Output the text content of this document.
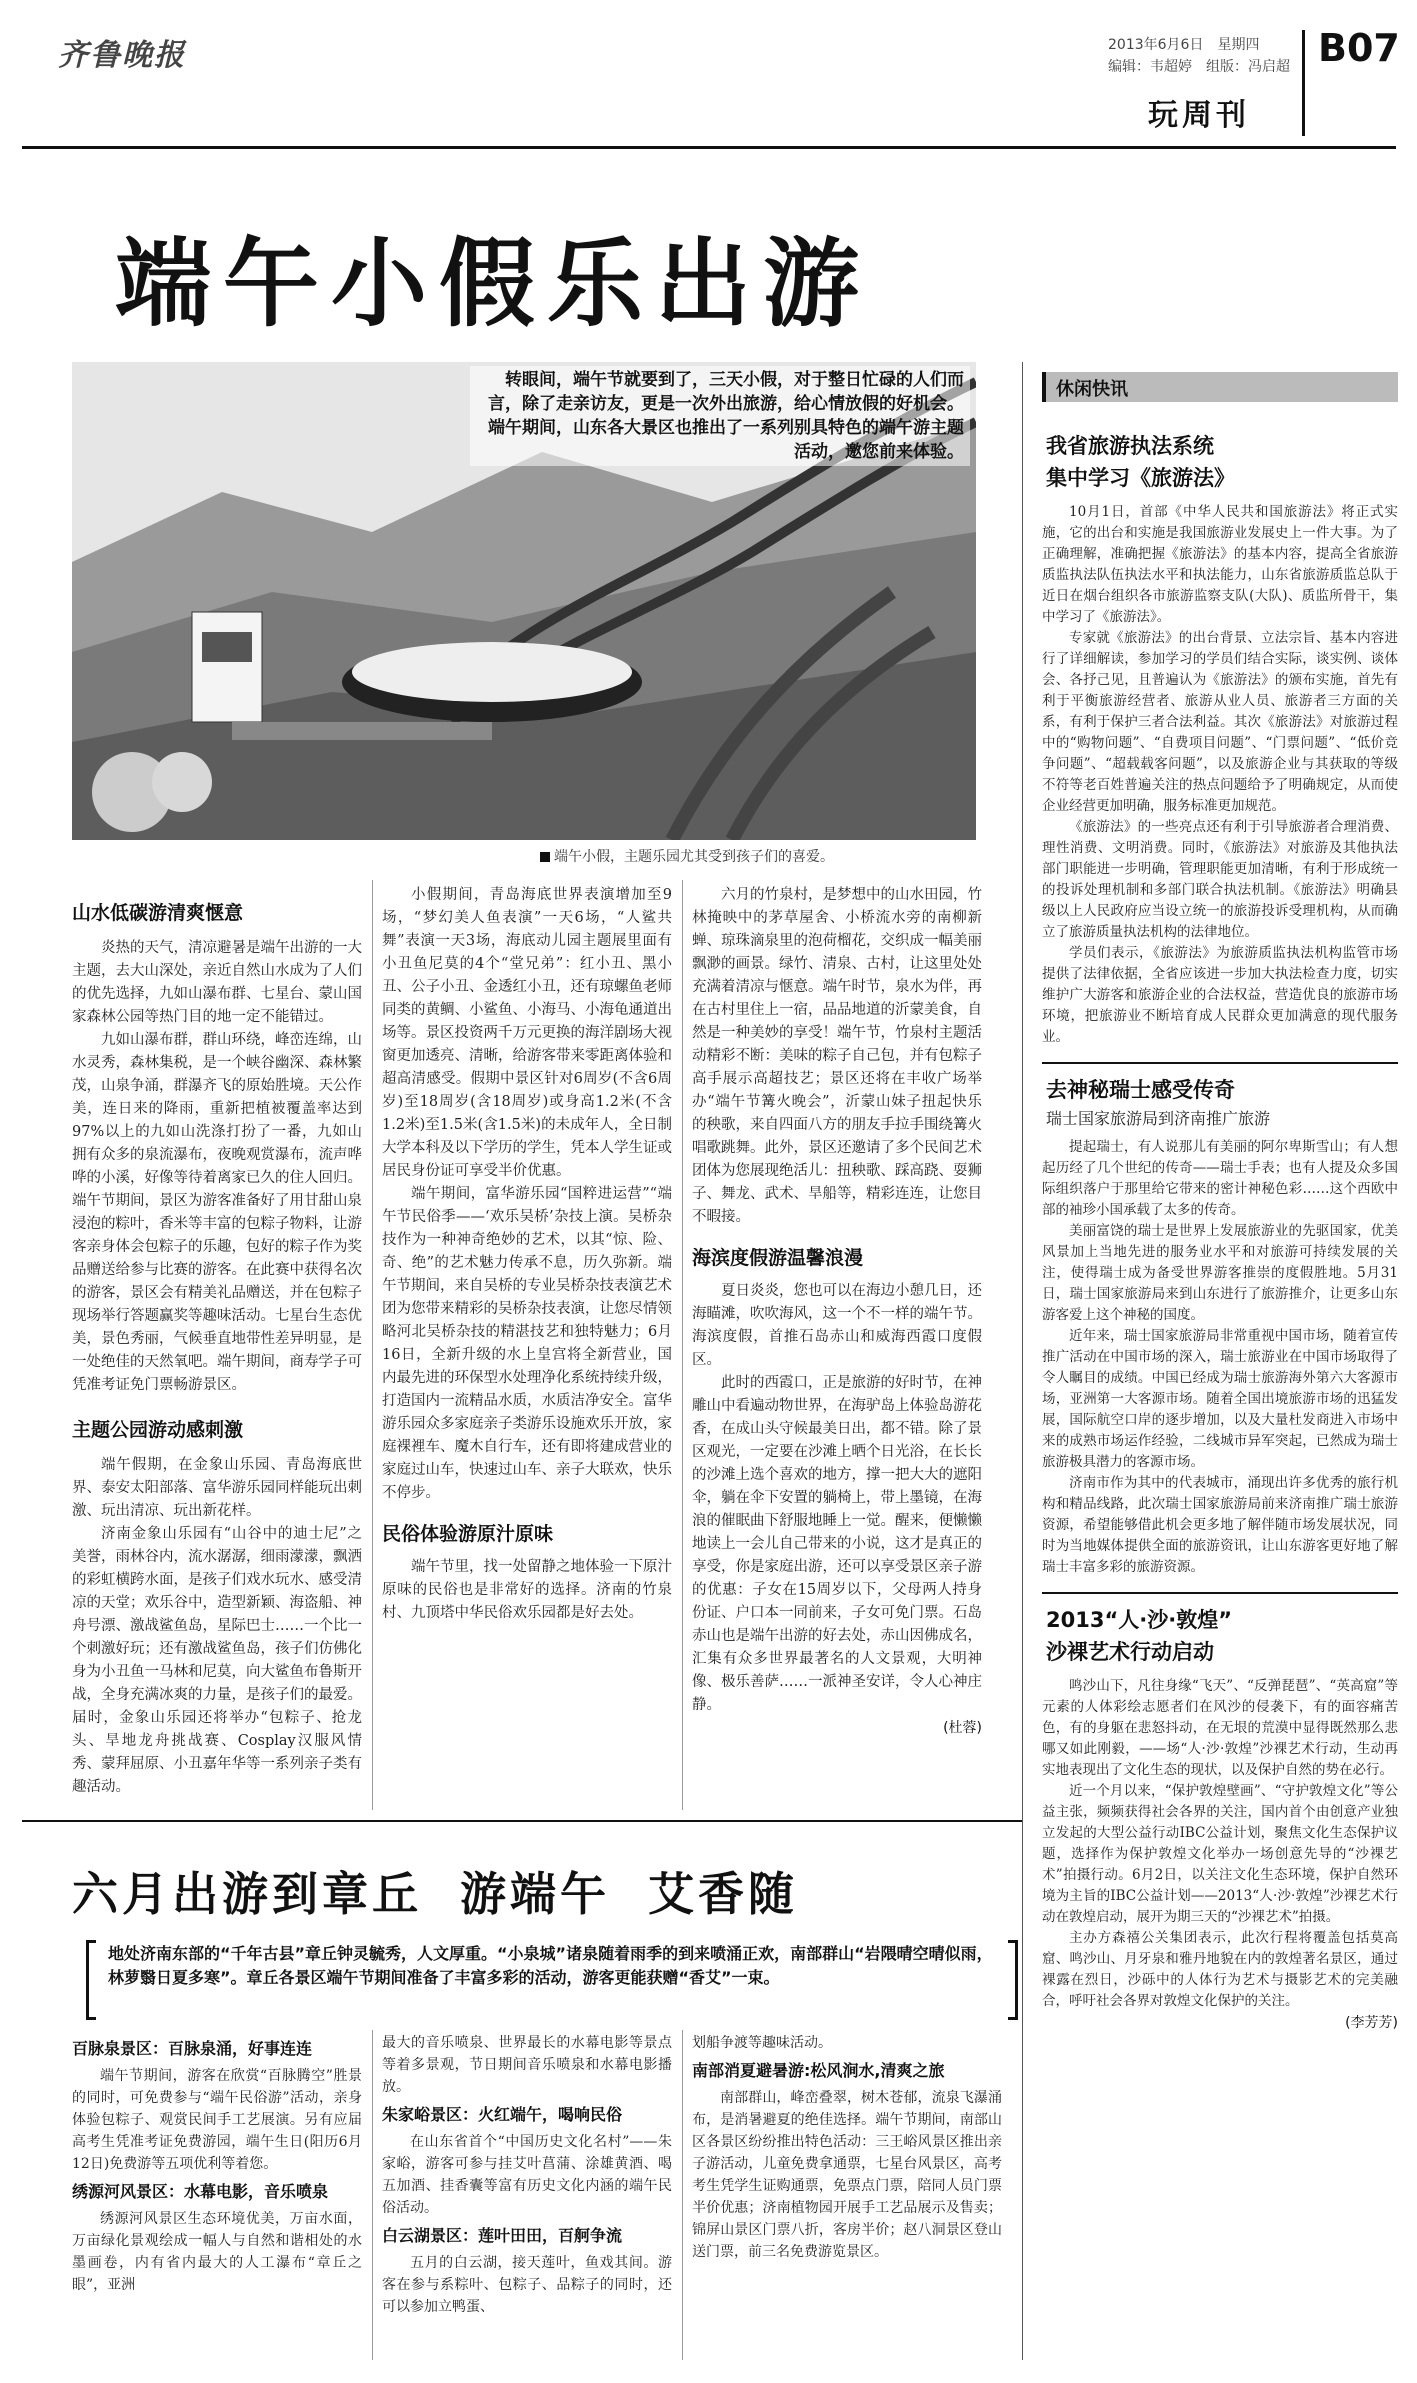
齐鲁晚报	2013年6月6日　星期四
编辑：韦超婷　组版：冯启超 B07
玩周刊
端午小假乐出游
转眼间，端午节就要到了，三天小假，对于整日忙碌的人们而言，除了走亲访友，更是一次外出旅游，给心情放假的好机会。端午期间，山东各大景区也推出了一系列别具特色的端午游主题活动，邀您前来体验。
端午小假，主题乐园尤其受到孩子们的喜爱。
山水低碳游清爽惬意

炎热的天气，清凉避暑是端午出游的一大主题，去大山深处，亲近自然山水成为了人们的优先选择，九如山瀑布群、七星台、蒙山国家森林公园等热门目的地一定不能错过。

九如山瀑布群，群山环绕，峰峦连绵，山水灵秀，森林集税，是一个峡谷幽深、森林繁茂，山泉争涌，群瀑齐飞的原始胜境。天公作美，连日来的降雨，重新把植被覆盖率达到97%以上的九如山洗涤打扮了一番，九如山拥有众多的泉流瀑布，夜晚观赏瀑布，流声哗哗的小溪，好像等待着离家已久的住人回归。端午节期间，景区为游客准备好了用甘甜山泉浸泡的粽叶，香米等丰富的包粽子物料，让游客亲身体会包粽子的乐趣，包好的粽子作为奖品赠送给参与比赛的游客。在此赛中获得名次的游客，景区会有精美礼品赠送，并在包粽子现场举行答题赢奖等趣味活动。七星台生态优美，景色秀丽，气候垂直地带性差异明显，是一处绝佳的天然氧吧。端午期间，商寿学子可凭准考证免门票畅游景区。

主题公园游动感刺激

端午假期，在金象山乐园、青岛海底世界、泰安太阳部落、富华游乐园同样能玩出刺激、玩出清凉、玩出新花样。

济南金象山乐园有“山谷中的迪士尼”之美誉，雨林谷内，流水潺潺，细雨濛濛，飘洒的彩虹横跨水面，是孩子们戏水玩水、感受清凉的天堂；欢乐谷中，造型新颖、海盗船、神舟号漂、激战鲨鱼岛，星际巴士……一个比一个刺激好玩；还有激战鲨鱼岛，孩子们仿佛化身为小丑鱼一马林和尼莫，向大鲨鱼布鲁斯开战，全身充满冰爽的力量，是孩子们的最爱。届时，金象山乐园还将举办“包粽子、抢龙头、旱地龙舟挑战赛、Cosplay汉服风情秀、蒙拜屈原、小丑嘉年华等一系列亲子类有趣活动。

小假期间，青岛海底世界表演增加至9场，“梦幻美人鱼表演”一天6场，“人鲨共舞”表演一天3场，海底动儿园主题展里面有小丑鱼尼莫的4个“堂兄弟”：红小丑、黑小丑、公子小丑、金透红小丑，还有琼螺鱼老师同类的黄鲷、小鲨鱼、小海马、小海龟通道出场等。景区投资两千万元更换的海洋剧场大视窗更加透亮、清晰，给游客带来零距离体验和超高清感受。假期中景区针对6周岁(不含6周岁)至18周岁(含18周岁)或身高1.2米(不含1.2米)至1.5米(含1.5米)的未成年人，全日制大学本科及以下学历的学生，凭本人学生证或居民身份证可享受半价优惠。

端午期间，富华游乐园“国粹进运营”“端午节民俗季——‘欢乐吴桥’杂技上演。吴桥杂技作为一种神奇绝妙的艺术，以其“惊、险、奇、绝”的艺术魅力传承不息，历久弥新。端午节期间，来自吴桥的专业吴桥杂技表演艺术团为您带来精彩的吴桥杂技表演，让您尽情领略河北吴桥杂技的精湛技艺和独特魅力；6月16日，全新升级的水上皇宫将全新营业，国内最先进的环保型水处理净化系统持续升级，打造国内一流精品水质，水质洁净安全。富华游乐园众多家庭亲子类游乐设施欢乐开放，家庭裸裡车、魔木自行车，还有即将建成营业的家庭过山车，快速过山车、亲子大联欢，快乐不停步。

民俗体验游原汁原味

端午节里，找一处留静之地体验一下原汁原味的民俗也是非常好的选择。济南的竹泉村、九顶塔中华民俗欢乐园都是好去处。

六月的竹泉村，是梦想中的山水田园，竹林掩映中的茅草屋舍、小桥流水旁的南柳新蝉、琼珠滴泉里的泡荷榴花，交织成一幅美丽飘渺的画景。绿竹、清泉、古村，让这里处处充满着清凉与惬意。端午时节，泉水为伴，再在古村里住上一宿，品品地道的沂蒙美食，自然是一种美妙的享受！端午节，竹泉村主题活动精彩不断：美味的粽子自己包，并有包粽子高手展示高超技艺；景区还将在丰收广场举办“端午节篝火晚会”，沂蒙山妹子扭起快乐的秧歌，来自四面八方的朋友手拉手围绕篝火唱歌跳舞。此外，景区还邀请了多个民间艺术团体为您展现绝活儿：扭秧歌、踩高跷、耍狮子、舞龙、武术、旱船等，精彩连连，让您目不暇接。

海滨度假游温馨浪漫

夏日炎炎，您也可以在海边小憩几日，还海瞄滩，吹吹海风，这一个不一样的端午节。海滨度假，首推石岛赤山和威海西霞口度假区。

此时的西霞口，正是旅游的好时节，在神雕山中看遍动物世界，在海驴岛上体验岛游花香，在成山头守候最美日出，都不错。除了景区观光，一定要在沙滩上晒个日光浴，在长长的沙滩上选个喜欢的地方，撑一把大大的遮阳伞，躺在伞下安置的躺椅上，带上墨镜，在海浪的催眠曲下舒服地睡上一觉。醒来，便懒懒地读上一会儿自己带来的小说，这才是真正的享受，你是家庭出游，还可以享受景区亲子游的优惠：子女在15周岁以下，父母两人持身份证、户口本一同前来，子女可免门票。石岛赤山也是端午出游的好去处，赤山因佛成名，汇集有众多世界最著名的人文景观，大明神像、极乐善萨……一派神圣安详，令人心神庄静。

(杜蓉)
休闲快讯
我省旅游执法系统
集中学习《旅游法》

10月1日，首部《中华人民共和国旅游法》将正式实施，它的出台和实施是我国旅游业发展史上一件大事。为了正确理解，准确把握《旅游法》的基本内容，提高全省旅游质监执法队伍执法水平和执法能力，山东省旅游质监总队于近日在烟台组织各市旅游监察支队(大队)、质监所骨干，集中学习了《旅游法》。

专家就《旅游法》的出台背景、立法宗旨、基本内容进行了详细解读，参加学习的学员们结合实际，谈实例、谈体会、各抒己见，且普遍认为《旅游法》的颁布实施，首先有利于平衡旅游经营者、旅游从业人员、旅游者三方面的关系，有利于保护三者合法利益。其次《旅游法》对旅游过程中的“购物问题”、“自费项目问题”、“门票问题”、“低价竞争问题”、“超载载客问题”，以及旅游企业与其获取的等级不符等老百姓普遍关注的热点问题给予了明确规定，从而使企业经营更加明确，服务标准更加规范。

《旅游法》的一些亮点还有利于引导旅游者合理消费、理性消费、文明消费。同时，《旅游法》对旅游及其他执法部门职能进一步明确，管理职能更加清晰，有利于形成统一的投诉处理机制和多部门联合执法机制。《旅游法》明确县级以上人民政府应当设立统一的旅游投诉受理机构，从而确立了旅游质量执法机构的法律地位。

学员们表示，《旅游法》为旅游质监执法机构监管市场提供了法律依据，全省应该进一步加大执法检查力度，切实维护广大游客和旅游企业的合法权益，营造优良的旅游市场环境，把旅游业不断培育成人民群众更加满意的现代服务业。

去神秘瑞士感受传奇
瑞士国家旅游局到济南推广旅游

提起瑞士，有人说那儿有美丽的阿尔卑斯雪山；有人想起历经了几个世纪的传奇——瑞士手表；也有人提及众多国际组织落户于那里给它带来的密计神秘色彩……这个西欧中部的袖珍小国承载了太多的传奇。

美丽富饶的瑞士是世界上发展旅游业的先驱国家，优美风景加上当地先进的服务业水平和对旅游可持续发展的关注，使得瑞士成为备受世界游客推崇的度假胜地。5月31日，瑞士国家旅游局来到山东进行了旅游推介，让更多山东游客爱上这个神秘的国度。

近年来，瑞士国家旅游局非常重视中国市场，随着宣传推广活动在中国市场的深入，瑞士旅游业在中国市场取得了令人瞩目的成绩。中国已经成为瑞士旅游海外第六大客源市场，亚洲第一大客源市场。随着全国出境旅游市场的迅猛发展，国际航空口岸的逐步增加，以及大量杜发商进入市场中来的成熟市场运作经验，二线城市异军突起，已然成为瑞士旅游极具潜力的客源市场。

济南市作为其中的代表城市，涌现出许多优秀的旅行机构和精品线路，此次瑞士国家旅游局前来济南推广瑞士旅游资源，希望能够借此机会更多地了解伴随市场发展状况，同时为当地媒体提供全面的旅游资讯，让山东游客更好地了解瑞士丰富多彩的旅游资源。

2013“人·沙·敦煌”
沙裸艺术行动启动

鸣沙山下，凡往身缘“飞天”、“反弹琵琶”、“英高窟”等元素的人体彩绘志愿者们在风沙的侵袭下，有的面容痛苦色，有的身躯在悲怒抖动，在无垠的荒漠中显得既然那么悲哪又如此刚毅，——场“人·沙·敦煌”沙裸艺术行动，生动再实地表现出了文化生态的现状，以及保护自然的势在必行。

近一个月以来，“保护敦煌壁画”、“守护敦煌文化”等公益主张，频频获得社会各界的关注，国内首个由创意产业独立发起的大型公益行动IBC公益计划，聚焦文化生态保护议题，选择作为保护敦煌文化举办一场创意先导的“沙裸艺术”拍摄行动。6月2日，以关注文化生态环境，保护自然环境为主旨的IBC公益计划——2013“人·沙·敦煌”沙裸艺术行动在敦煌启动，展开为期三天的“沙裸艺术”拍摄。

主办方森禧公关集团表示，此次行程将覆盖包括莫高窟、鸣沙山、月牙泉和雅丹地貌在内的敦煌著名景区，通过裸露在烈日，沙砾中的人体行为艺术与摄影艺术的完美融合，呼吁社会各界对敦煌文化保护的关注。

(李芳芳)
六月出游到章丘 游端午 艾香随
地处济南东部的“千年古县”章丘钟灵毓秀，人文厚重。“小泉城”诸泉随着雨季的到来喷涌正欢，南部群山“岩隈晴空晴似雨，林萝翳日夏多寒”。章丘各景区端午节期间准备了丰富多彩的活动，游客更能获赠“香艾”一束。
百脉泉景区：百脉泉涌，好事连连

端午节期间，游客在欣赏“百脉腾空”胜景的同时，可免费参与“端午民俗游”活动，亲身体验包粽子、观赏民间手工艺展演。另有应届高考生凭准考证免费游园，端午生日(阳历6月12日)免费游等五项优利等着您。

绣源河风景区：水幕电影，音乐喷泉

绣源河风景区生态环境优美，万亩水面，万亩绿化景观绘成一幅人与自然和谐相处的水墨画卷，内有省内最大的人工瀑布“章丘之眼”，亚洲

最大的音乐喷泉、世界最长的水幕电影等景点等着多景观，节日期间音乐喷泉和水幕电影播放。

朱家峪景区：火红端午，喝响民俗

在山东省首个“中国历史文化名村”——朱家峪，游客可参与挂艾叶菖蒲、涂雄黄酒、喝五加酒、挂香囊等富有历史文化内涵的端午民俗活动。

白云湖景区：莲叶田田，百舸争流

五月的白云湖，接天莲叶，鱼戏其间。游客在参与系粽叶、包粽子、品粽子的同时，还可以参加立鸭蛋、

划船争渡等趣味活动。

南部消夏避暑游:松风涧水,清爽之旅

南部群山，峰峦叠翠，树木苍郁，流泉飞瀑涌布，是消暑避夏的绝佳选择。端午节期间，南部山区各景区纷纷推出特色活动：三王峪风景区推出亲子游活动，儿童免费拿通票，七星台风景区，高考考生凭学生证购通票，免票点门票，陪同人员门票半价优惠；济南植物园开展手工艺品展示及售卖；锦屏山景区门票八折，客房半价；赵八洞景区登山送门票，前三名免费游览景区。
